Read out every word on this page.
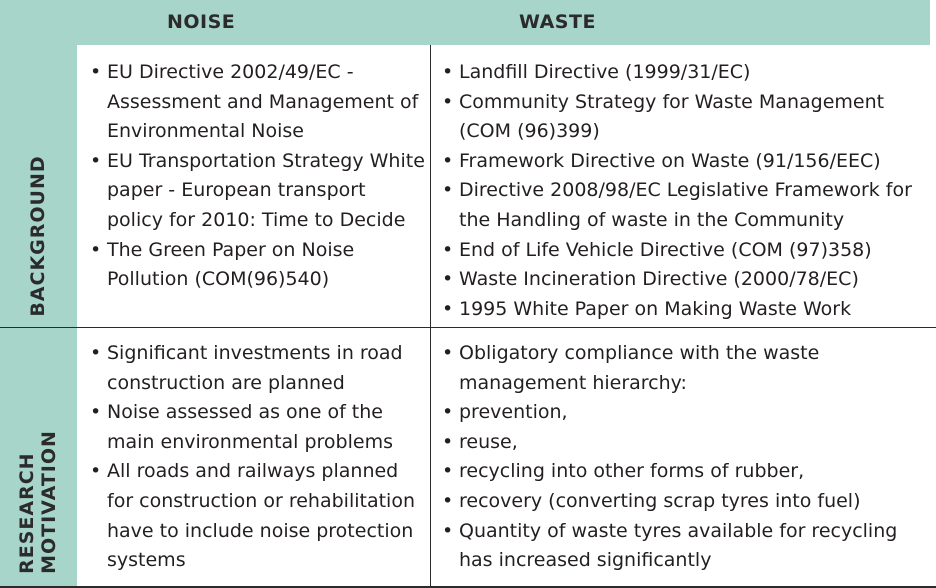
NOISE	WASTE
BACKGROUND
RESEARCH MOTIVATION
• EU Directive 2002/49/EC - Assessment and Management of Environmental Noise
• EU Transportation Strategy White paper - European transport policy for 2010: Time to Decide
• The Green Paper on Noise Pollution (COM(96)540)
• Landfill Directive (1999/31/EC)
• Community Strategy for Waste Management (COM (96)399)
• Framework Directive on Waste (91/156/EEC)
• Directive 2008/98/EC Legislative Framework for the Handling of waste in the Community
• End of Life Vehicle Directive (COM (97)358)
• Waste Incineration Directive (2000/78/EC)
• 1995 White Paper on Making Waste Work
• Significant investments in road construction are planned
• Noise assessed as one of the main environmental problems
• All roads and railways planned for construction or rehabilitation have to include noise protection systems
• Obligatory compliance with the waste management hierarchy:
• prevention,
• reuse,
• recycling into other forms of rubber,
• recovery (converting scrap tyres into fuel)
• Quantity of waste tyres available for recycling has increased significantly
